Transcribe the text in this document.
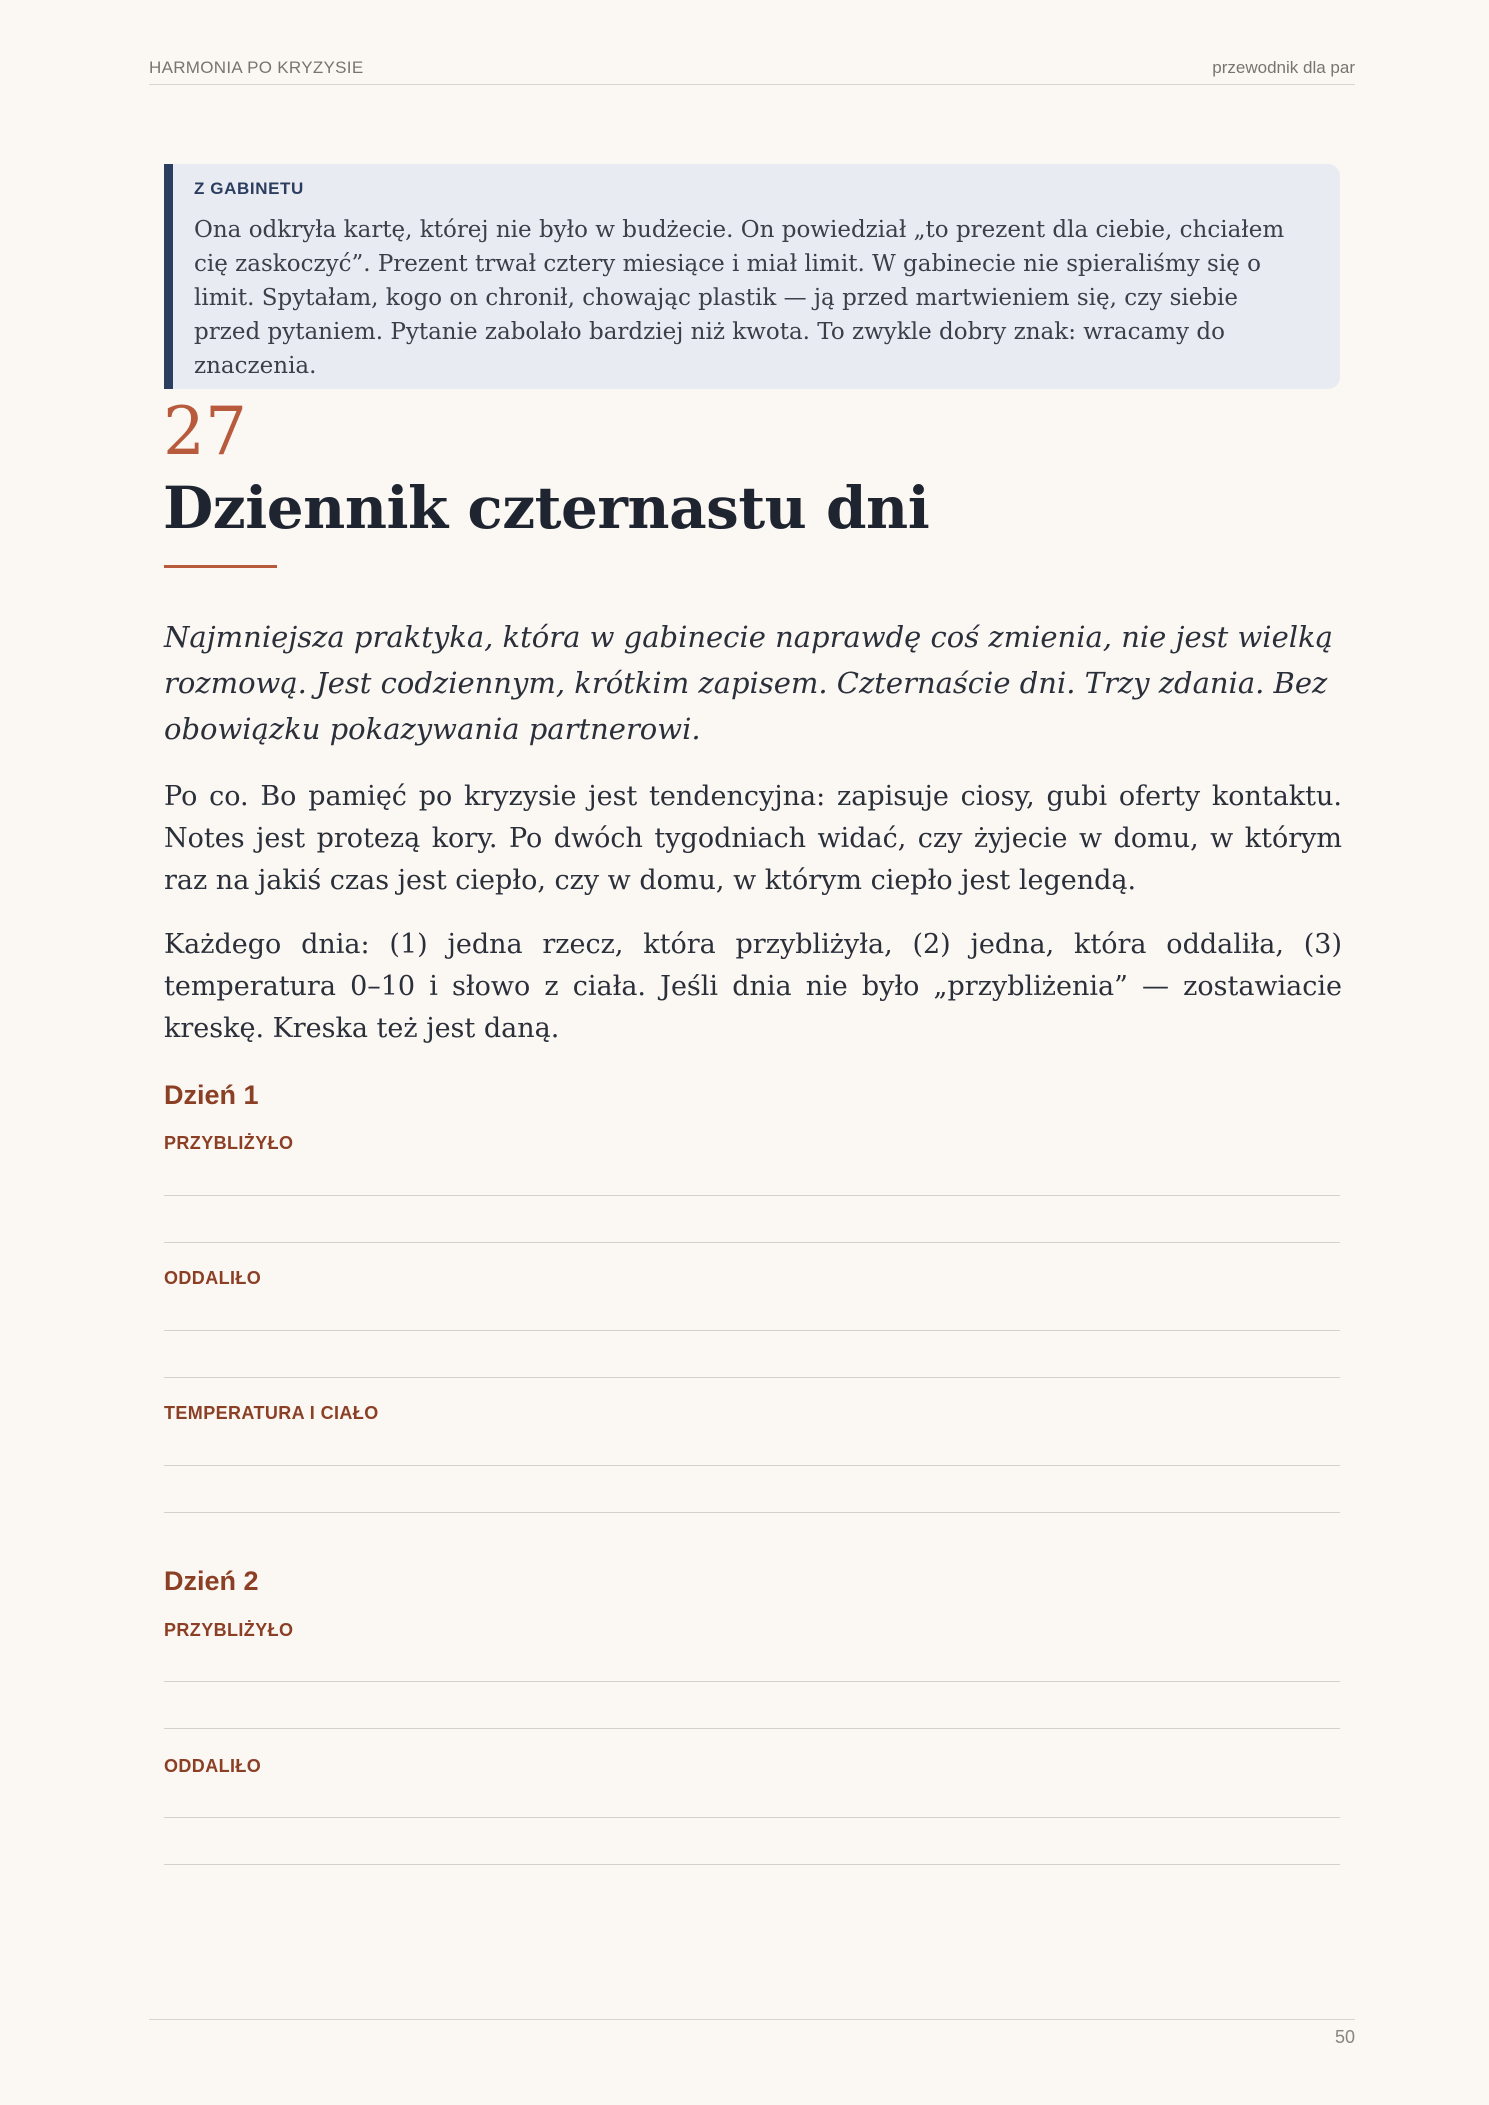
HARMONIA PO KRYZYSIE	przewodnik dla par
Z GABINETU

Ona odkryła kartę, której nie było w budżecie. On powiedział „to prezent dla ciebie, chciałem cię zaskoczyć”. Prezent trwał cztery miesiące i miał limit. W gabinecie nie spieraliśmy się o limit. Spytałam, kogo on chronił, chowając plastik — ją przed martwieniem się, czy siebie przed pytaniem. Pytanie zabolało bardziej niż kwota. To zwykle dobry znak: wracamy do znaczenia.

27
Dziennik czternastu dni

Najmniejsza praktyka, która w gabinecie naprawdę coś zmienia, nie jest wielką rozmową. Jest codziennym, krótkim zapisem. Czternaście dni. Trzy zdania. Bez obowiązku pokazywania partnerowi.

Po co. Bo pamięć po kryzysie jest tendencyjna: zapisuje ciosy, gubi oferty kontaktu. Notes jest protezą kory. Po dwóch tygodniach widać, czy żyjecie w domu, w którym raz na jakiś czas jest ciepło, czy w domu, w którym ciepło jest legendą.

Każdego dnia: (1) jedna rzecz, która przybliżyła, (2) jedna, która oddaliła, (3) temperatura 0–10 i słowo z ciała. Jeśli dnia nie było „przybliżenia” — zostawiacie kreskę. Kreska też jest daną.

Dzień 1
PRZYBLIŻYŁO
ODDALIŁO
TEMPERATURA I CIAŁO
Dzień 2
PRZYBLIŻYŁO
ODDALIŁO
50
